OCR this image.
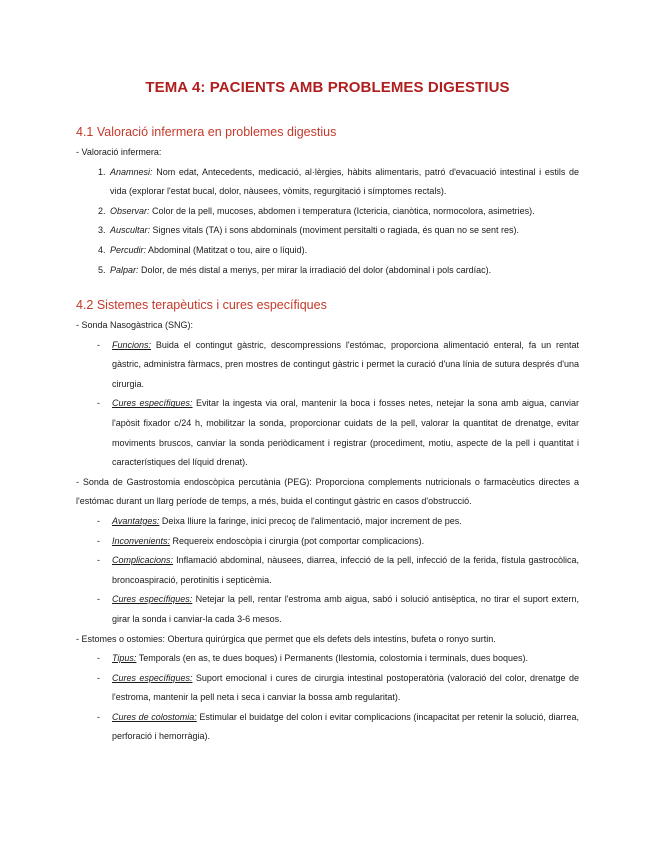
TEMA 4: PACIENTS AMB PROBLEMES DIGESTIUS
4.1 Valoració infermera en problemes digestius
- Valoració infermera:
1. Anamnesi: Nom edat, Antecedents, medicació, al·lèrgies, hàbits alimentaris, patró d'evacuació intestinal i estils de vida (explorar l'estat bucal, dolor, nàusees, vòmits, regurgitació i símptomes rectals).
2. Observar: Color de la pell, mucoses, abdomen i temperatura (Ictericia, cianòtica, normocolora, asimetries).
3. Auscultar: Signes vitals (TA) i sons abdominals (moviment persitalti o ragiada, és quan no se sent res).
4. Percudir: Abdominal (Matitzat o tou, aire o líquid).
5. Palpar: Dolor, de més distal a menys, per mirar la irradiació del dolor (abdominal i pols cardíac).
4.2 Sistemes terapèutics i cures específiques
- Sonda Nasogàstrica (SNG):
- Funcions: Buida el contingut gàstric, descompressions l'estómac, proporciona alimentació enteral, fa un rentat gàstric, administra fàrmacs, pren mostres de contingut gàstric i permet la curació d'una línia de sutura després d'una cirurgia.
- Cures específiques: Evitar la ingesta via oral, mantenir la boca i fosses netes, netejar la sona amb aigua, canviar l'apòsit fixador c/24 h, mobilitzar la sonda, proporcionar cuidats de la pell, valorar la quantitat de drenatge, evitar moviments bruscos, canviar la sonda periòdicament i registrar (procediment, motiu, aspecte de la pell i quantitat i característiques del líquid drenat).
- Sonda de Gastrostomia endoscòpica percutània (PEG): Proporciona complements nutricionals o farmacèutics directes a l'estómac durant un llarg període de temps, a més, buida el contingut gàstric en casos d'obstrucció.
- Avantatges: Deixa lliure la faringe, inici precoç de l'alimentació, major increment de pes.
- Inconvenients: Requereix endoscòpia i cirurgia (pot comportar complicacions).
- Complicacions: Inflamació abdominal, nàusees, diarrea, infecció de la pell, infecció de la ferida, fístula gastrocòlica, broncoaspiració, perotinitis i septicèmia.
- Cures específiques: Netejar la pell, rentar l'estroma amb aigua, sabó i solució antisèptica, no tirar el suport extern, girar la sonda i canviar-la cada 3-6 mesos.
- Estomes o ostomies: Obertura quirúrgica que permet que els defets dels intestins, bufeta o ronyo surtin.
- Tipus: Temporals (en as, te dues boques) i Permanents (Ilestomia, colostomia i terminals, dues boques).
- Cures específiques: Suport emocional i cures de cirurgia intestinal postoperatòria (valoració del color, drenatge de l'estroma, mantenir la pell neta i seca i canviar la bossa amb regularitat).
- Cures de colostomia: Estimular el buidatge del colon i evitar complicacions (incapacitat per retenir la solució, diarrea, perforació i hemorràgia).
